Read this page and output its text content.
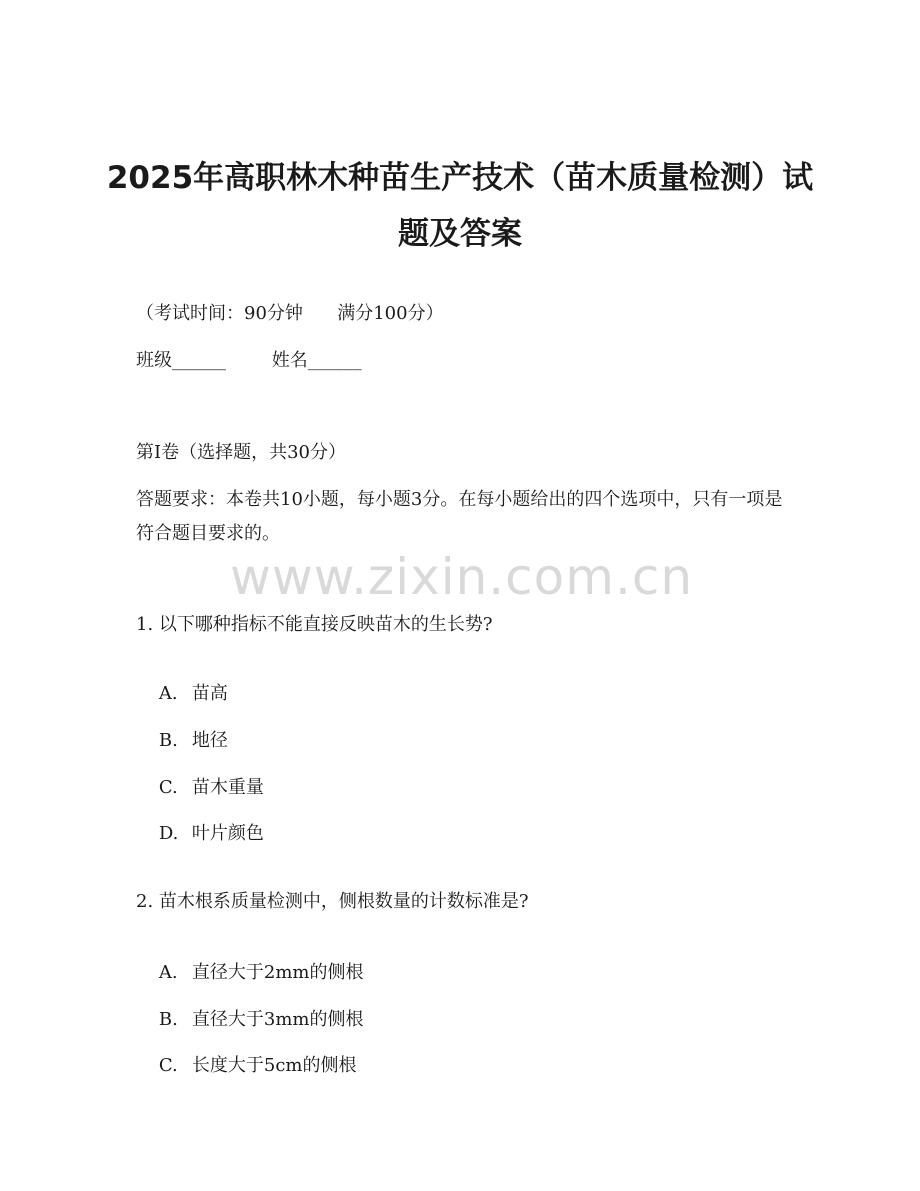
www.zixin.com.cn
2025年高职林木种苗生产技术（苗木质量检测）试题及答案
（考试时间：90分钟      满分100分）
班级______        姓名______
第I卷（选择题，共30分）
答题要求：本卷共10小题，每小题3分。在每小题给出的四个选项中，只有一项是符合题目要求的。
1. 以下哪种指标不能直接反映苗木的生长势?

A. 苗高

B. 地径

C. 苗木重量

D. 叶片颜色

2. 苗木根系质量检测中，侧根数量的计数标准是?

A. 直径大于2mm的侧根

B. 直径大于3mm的侧根

C. 长度大于5cm的侧根
